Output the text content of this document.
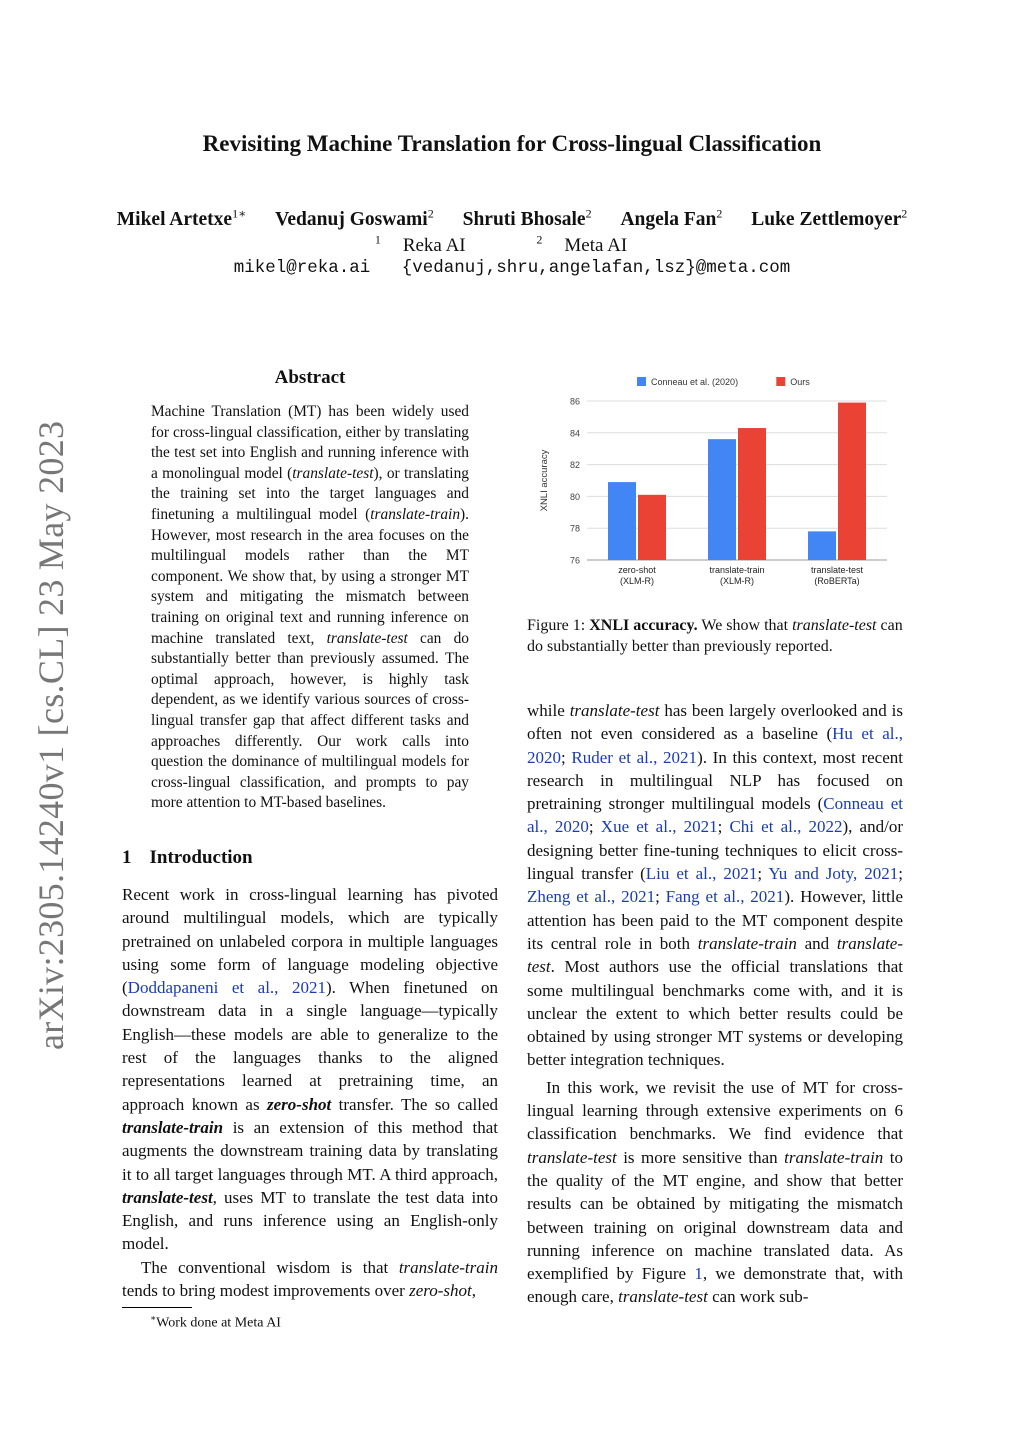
Revisiting Machine Translation for Cross-lingual Classification
Mikel Artetxe$^{1∗}$ Vedanuj Goswami$^2$ Shruti Bhosale$^2$ Angela Fan$^2$ Luke Zettlemoyer$^2$
$^1$ Reka AI	$^2$ Meta AI
mikel@reka.ai   {vedanuj,shru,angelafan,lsz}@meta.com
arXiv:2305.14240v1 [cs.CL] 23 May 2023
Abstract
Machine Translation (MT) has been widely used for cross-lingual classification, either by translating the test set into English and running inference with a monolingual model (translate-test), or translating the training set into the target languages and finetuning a multilingual model (translate-train). However, most research in the area focuses on the multilingual models rather than the MT component. We show that, by using a stronger MT system and mitigating the mismatch between training on original text and running inference on machine translated text, translate-test can do substantially better than previously assumed. The optimal approach, however, is highly task dependent, as we identify various sources of cross-lingual transfer gap that affect different tasks and approaches differently. Our work calls into question the dominance of multilingual models for cross-lingual classification, and prompts to pay more attention to MT-based baselines.
1 Introduction

Recent work in cross-lingual learning has pivoted around multilingual models, which are typically pretrained on unlabeled corpora in multiple languages using some form of language modeling objective (Doddapaneni et al., 2021). When finetuned on downstream data in a single language—typically English—these models are able to generalize to the rest of the languages thanks to the aligned representations learned at pretraining time, an approach known as zero-shot transfer. The so called translate-train is an extension of this method that augments the downstream training data by translating it to all target languages through MT. A third approach, translate-test, uses MT to translate the test data into English, and runs inference using an English-only model.

The conventional wisdom is that translate-train tends to bring modest improvements over zero-shot,

∗Work done at Meta AI
76
78
80
82
84
86
XNLI accuracy
zero-shot
(XLM-R)
translate-train
(XLM-R)
translate-test
(RoBERTa)
Conneau et al. (2020)	Ours
Figure 1: XNLI accuracy. We show that translate-test can do substantially better than previously reported.

while translate-test has been largely overlooked and is often not even considered as a baseline (Hu et al., 2020; Ruder et al., 2021). In this context, most recent research in multilingual NLP has focused on pretraining stronger multilingual models (Conneau et al., 2020; Xue et al., 2021; Chi et al., 2022), and/or designing better fine-tuning techniques to elicit cross-lingual transfer (Liu et al., 2021; Yu and Joty, 2021; Zheng et al., 2021; Fang et al., 2021). However, little attention has been paid to the MT component despite its central role in both translate-train and translate-test. Most authors use the official translations that some multilingual benchmarks come with, and it is unclear the extent to which better results could be obtained by using stronger MT systems or developing better integration techniques.

In this work, we revisit the use of MT for cross-lingual learning through extensive experiments on 6 classification benchmarks. We find evidence that translate-test is more sensitive than translate-train to the quality of the MT engine, and show that better results can be obtained by mitigating the mismatch between training on original downstream data and running inference on machine translated data. As exemplified by Figure 1, we demonstrate that, with enough care, translate-test can work sub-
